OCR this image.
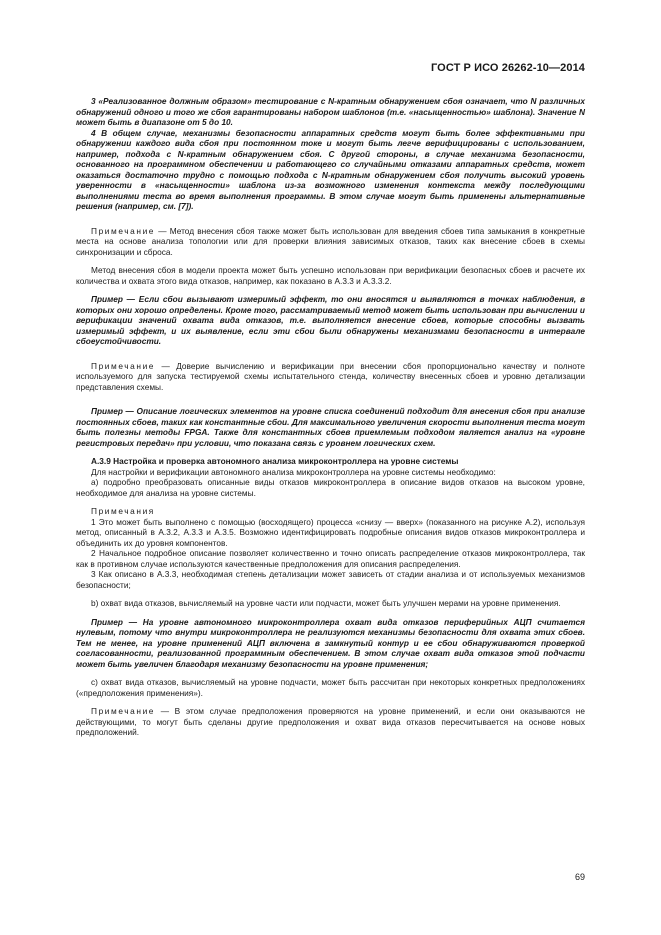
ГОСТ Р ИСО 26262-10—2014

3 «Реализованное должным образом» тестирование с N-кратным обнаружением сбоя означает, что N различных обнаружений одного и того же сбоя гарантированы набором шаблонов (т.е. «насыщенностью» шаблона). Значение N может быть в диапазоне от 5 до 10.

4 В общем случае, механизмы безопасности аппаратных средств могут быть более эффективными при обнаружении каждого вида сбоя при постоянном токе и могут быть легче верифицированы с использованием, например, подхода с N-кратным обнаружением сбоя. С другой стороны, в случае механизма безопасности, основанного на программном обеспечении и работающего со случайными отказами аппаратных средств, может оказаться достаточно трудно с помощью подхода с N-кратным обнаружением сбоя получить высокий уровень уверенности в «насыщенности» шаблона из-за возможного изменения контекста между последующими выполнениями теста во время выполнения программы. В этом случае могут быть применены альтернативные решения (например, см. [7]).

Примечание — Метод внесения сбоя также может быть использован для введения сбоев типа замыкания в конкретные места на основе анализа топологии или для проверки влияния зависимых отказов, таких как внесение сбоев в схемы синхронизации и сброса.

Метод внесения сбоя в модели проекта может быть успешно использован при верификации безопасных сбоев и расчете их количества и охвата этого вида отказов, например, как показано в А.3.3 и А.3.3.2.

Пример — Если сбои вызывают измеримый эффект, то они вносятся и выявляются в точках наблюдения, в которых они хорошо определены. Кроме того, рассматриваемый метод может быть использован при вычислении и верификации значений охвата вида отказов, т.е. выполняется внесение сбоев, которые способны вызвать измеримый эффект, и их выявление, если эти сбои были обнаружены механизмами безопасности в интервале сбоеустойчивости.

Примечание — Доверие вычислению и верификации при внесении сбоя пропорционально качеству и полноте используемого для запуска тестируемой схемы испытательного стенда, количеству внесенных сбоев и уровню детализации представления схемы.

Пример — Описание логических элементов на уровне списка соединений подходит для внесения сбоя при анализе постоянных сбоев, таких как константные сбои. Для максимального увеличения скорости выполнения теста могут быть полезны методы FPGA. Также для константных сбоев приемлемым подходом является анализ на «уровне регистровых передач» при условии, что показана связь с уровнем логических схем.

А.3.9 Настройка и проверка автономного анализа микроконтроллера на уровне системы

Для настройки и верификации автономного анализа микроконтроллера на уровне системы необходимо:

а) подробно преобразовать описанные виды отказов микроконтроллера в описание видов отказов на высоком уровне, необходимое для анализа на уровне системы.

Примечания

1 Это может быть выполнено с помощью (восходящего) процесса «снизу — вверх» (показанного на рисунке А.2), используя метод, описанный в А.3.2, А.3.3 и А.3.5. Возможно идентифицировать подробные описания видов отказов микроконтроллера и объединить их до уровня компонентов.

2 Начальное подробное описание позволяет количественно и точно описать распределение отказов микроконтроллера, так как в противном случае используются качественные предположения для описания распределения.

3 Как описано в А.3.3, необходимая степень детализации может зависеть от стадии анализа и от используемых механизмов безопасности;

b) охват вида отказов, вычисляемый на уровне части или подчасти, может быть улучшен мерами на уровне применения.

Пример — На уровне автономного микроконтроллера охват вида отказов периферийных АЦП считается нулевым, потому что внутри микроконтроллера не реализуются механизмы безопасности для охвата этих сбоев. Тем не менее, на уровне применений АЦП включена в замкнутый контур и ее сбои обнаруживаются проверкой согласованности, реализованной программным обеспечением. В этом случае охват вида отказов этой подчасти может быть увеличен благодаря механизму безопасности на уровне применения;

c) охват вида отказов, вычисляемый на уровне подчасти, может быть рассчитан при некоторых конкретных предположениях («предположения применения»).

Примечание — В этом случае предположения проверяются на уровне применений, и если они оказываются не действующими, то могут быть сделаны другие предположения и охват вида отказов пересчитывается на основе новых предположений.

69
